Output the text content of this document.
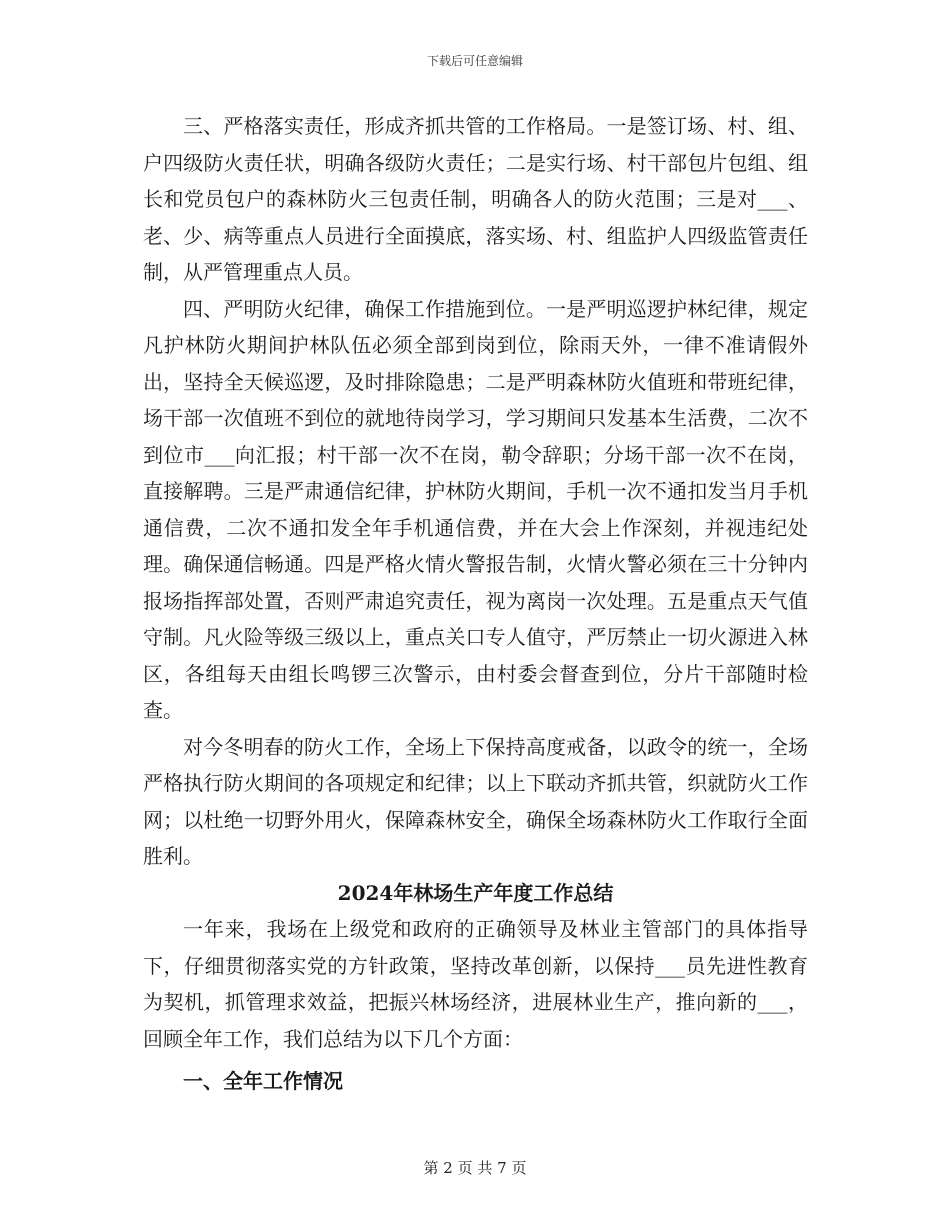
下载后可任意编辑

三、严格落实责任，形成齐抓共管的工作格局。一是签订场、村、组、户四级防火责任状，明确各级防火责任；二是实行场、村干部包片包组、组长和党员包户的森林防火三包责任制，明确各人的防火范围；三是对___、老、少、病等重点人员进行全面摸底，落实场、村、组监护人四级监管责任制，从严管理重点人员。

四、严明防火纪律，确保工作措施到位。一是严明巡逻护林纪律，规定凡护林防火期间护林队伍必须全部到岗到位，除雨天外，一律不准请假外出，坚持全天候巡逻，及时排除隐患；二是严明森林防火值班和带班纪律，场干部一次值班不到位的就地待岗学习，学习期间只发基本生活费，二次不到位市___向汇报；村干部一次不在岗，勒令辞职；分场干部一次不在岗，直接解聘。三是严肃通信纪律，护林防火期间，手机一次不通扣发当月手机通信费，二次不通扣发全年手机通信费，并在大会上作深刻，并视违纪处理。确保通信畅通。四是严格火情火警报告制，火情火警必须在三十分钟内报场指挥部处置，否则严肃追究责任，视为离岗一次处理。五是重点天气值守制。凡火险等级三级以上，重点关口专人值守，严厉禁止一切火源进入林区，各组每天由组长鸣锣三次警示，由村委会督查到位，分片干部随时检查。

对今冬明春的防火工作，全场上下保持高度戒备，以政令的统一，全场严格执行防火期间的各项规定和纪律；以上下联动齐抓共管，织就防火工作网；以杜绝一切野外用火，保障森林安全，确保全场森林防火工作取行全面胜利。

2024年林场生产年度工作总结

一年来，我场在上级党和政府的正确领导及林业主管部门的具体指导下，仔细贯彻落实党的方针政策，坚持改革创新，以保持___员先进性教育为契机，抓管理求效益，把振兴林场经济，进展林业生产，推向新的___，回顾全年工作，我们总结为以下几个方面：

一、全年工作情况

第 2 页 共 7 页
